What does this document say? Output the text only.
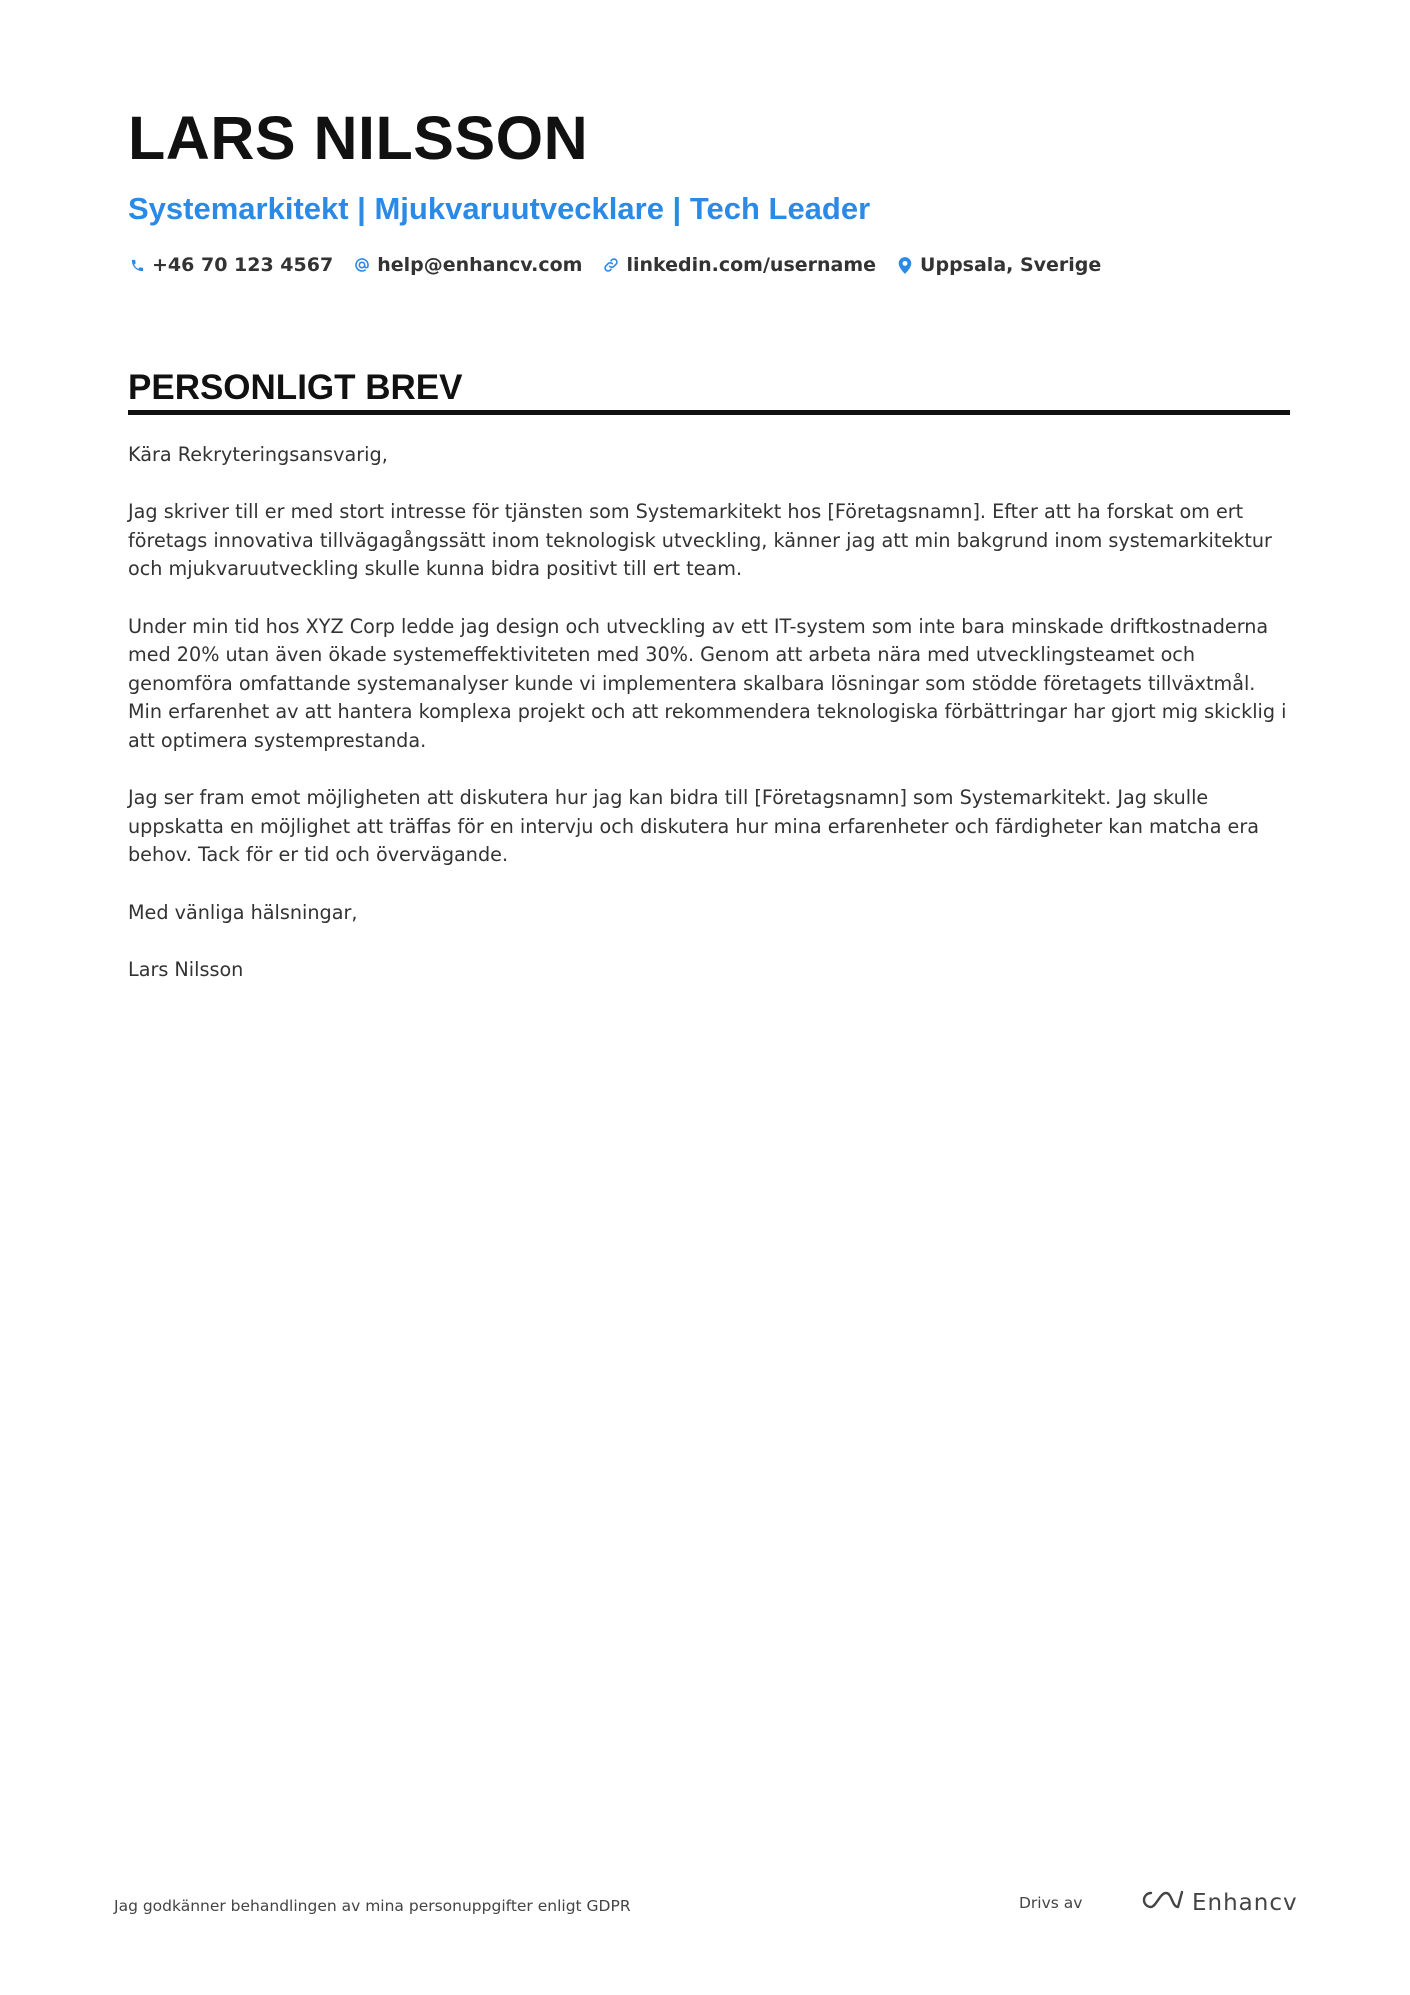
LARS NILSSON
Systemarkitekt | Mjukvaruutvecklare | Tech Leader
+46 70 123 4567 help@enhancv.com linkedin.com/username Uppsala, Sverige
PERSONLIGT BREV

Kära Rekryteringsansvarig,

Jag skriver till er med stort intresse för tjänsten som Systemarkitekt hos [Företagsnamn]. Efter att ha forskat om ert företags innovativa tillvägagångssätt inom teknologisk utveckling, känner jag att min bakgrund inom systemarkitektur och mjukvaruutveckling skulle kunna bidra positivt till ert team.

Under min tid hos XYZ Corp ledde jag design och utveckling av ett IT-system som inte bara minskade driftkostnaderna med 20% utan även ökade systemeffektiviteten med 30%. Genom att arbeta nära med utvecklingsteamet och genomföra omfattande systemanalyser kunde vi implementera skalbara lösningar som stödde företagets tillväxtmål. Min erfarenhet av att hantera komplexa projekt och att rekommendera teknologiska förbättringar har gjort mig skicklig i att optimera systemprestanda.

Jag ser fram emot möjligheten att diskutera hur jag kan bidra till [Företagsnamn] som Systemarkitekt. Jag skulle uppskatta en möjlighet att träffas för en intervju och diskutera hur mina erfarenheter och färdigheter kan matcha era behov. Tack för er tid och övervägande.

Med vänliga hälsningar,

Lars Nilsson

Jag godkänner behandlingen av mina personuppgifter enligt GDPR	Drivs av	Enhancv
